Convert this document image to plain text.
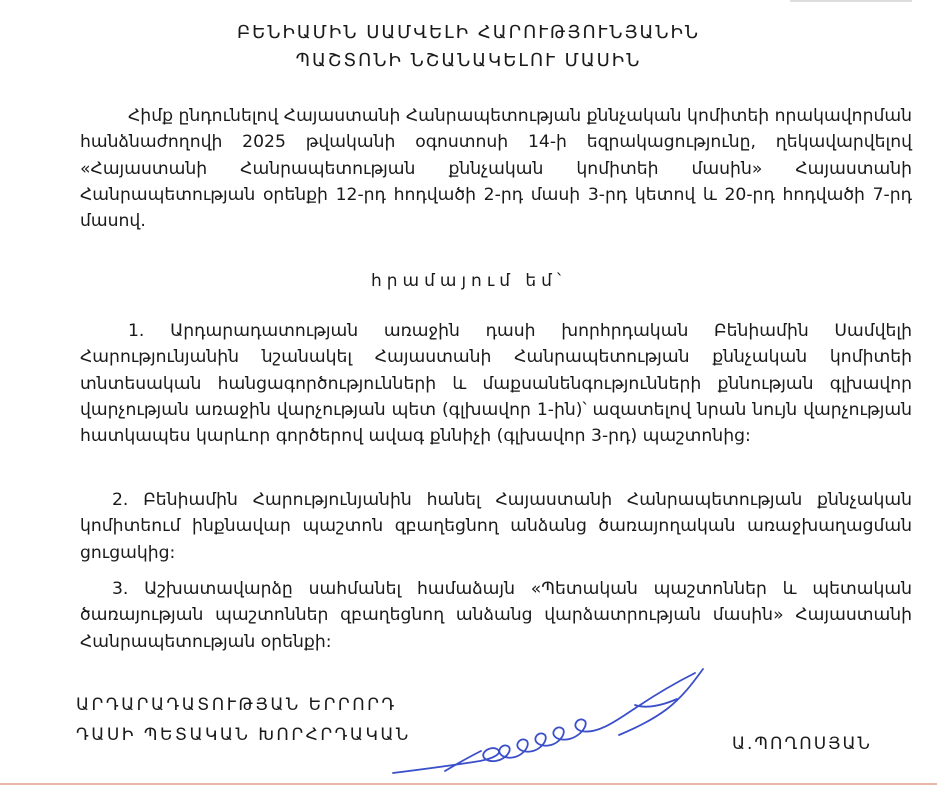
ԲԵՆԻԱՄԻՆ ՍԱՄՎԵԼԻ ՀԱՐՈՒԹՅՈՒՆՅԱՆԻՆ
ՊԱՇՏՈՆԻ ՆՇԱՆԱԿԵԼՈՒ ՄԱՍԻՆ

Հիմք ընդունելով Հայաստանի Հանրապետության քննչական կոմիտեի որակավորման հանձնաժողովի 2025 թվականի օգոստոսի 14-ի եզրակացությունը, ղեկավարվելով «Հայաստանի Հանրապետության քննչական կոմիտեի մասին» Հայաստանի Հանրապետության օրենքի 12-րդ հոդվածի 2-րդ մասի 3-րդ կետով և 20-րդ հոդվածի 7-րդ մասով.

հրամայում եմ՝

1. Արդարադատության առաջին դասի խորհրդական Բենիամին Սամվելի Հարությունյանին նշանակել Հայաստանի Հանրապետության քննչական կոմիտեի տնտեսական հանցագործությունների և մաքսանենգությունների քննության գլխավոր վարչության առաջին վարչության պետ (գլխավոր 1-ին)՝ ազատելով նրան նույն վարչության հատկապես կարևոր գործերով ավագ քննիչի (գլխավոր 3-րդ) պաշտոնից:

2. Բենիամին Հարությունյանին հանել Հայաստանի Հանրապետության քննչական կոմիտեում ինքնավար պաշտոն զբաղեցնող անձանց ծառայողական առաջխաղացման ցուցակից:

3. Աշխատավարձը սահմանել համաձայն «Պետական պաշտոններ և պետական ծառայության պաշտոններ զբաղեցնող անձանց վարձատրության մասին» Հայաստանի Հանրապետության օրենքի:

ԱՐԴԱՐԱԴԱՏՈՒԹՅԱՆ ԵՐՐՈՐԴ
ԴԱՍԻ ՊԵՏԱԿԱՆ ԽՈՐՀՐԴԱԿԱՆ	Ա.ՊՈՂՈՍՅԱՆ
